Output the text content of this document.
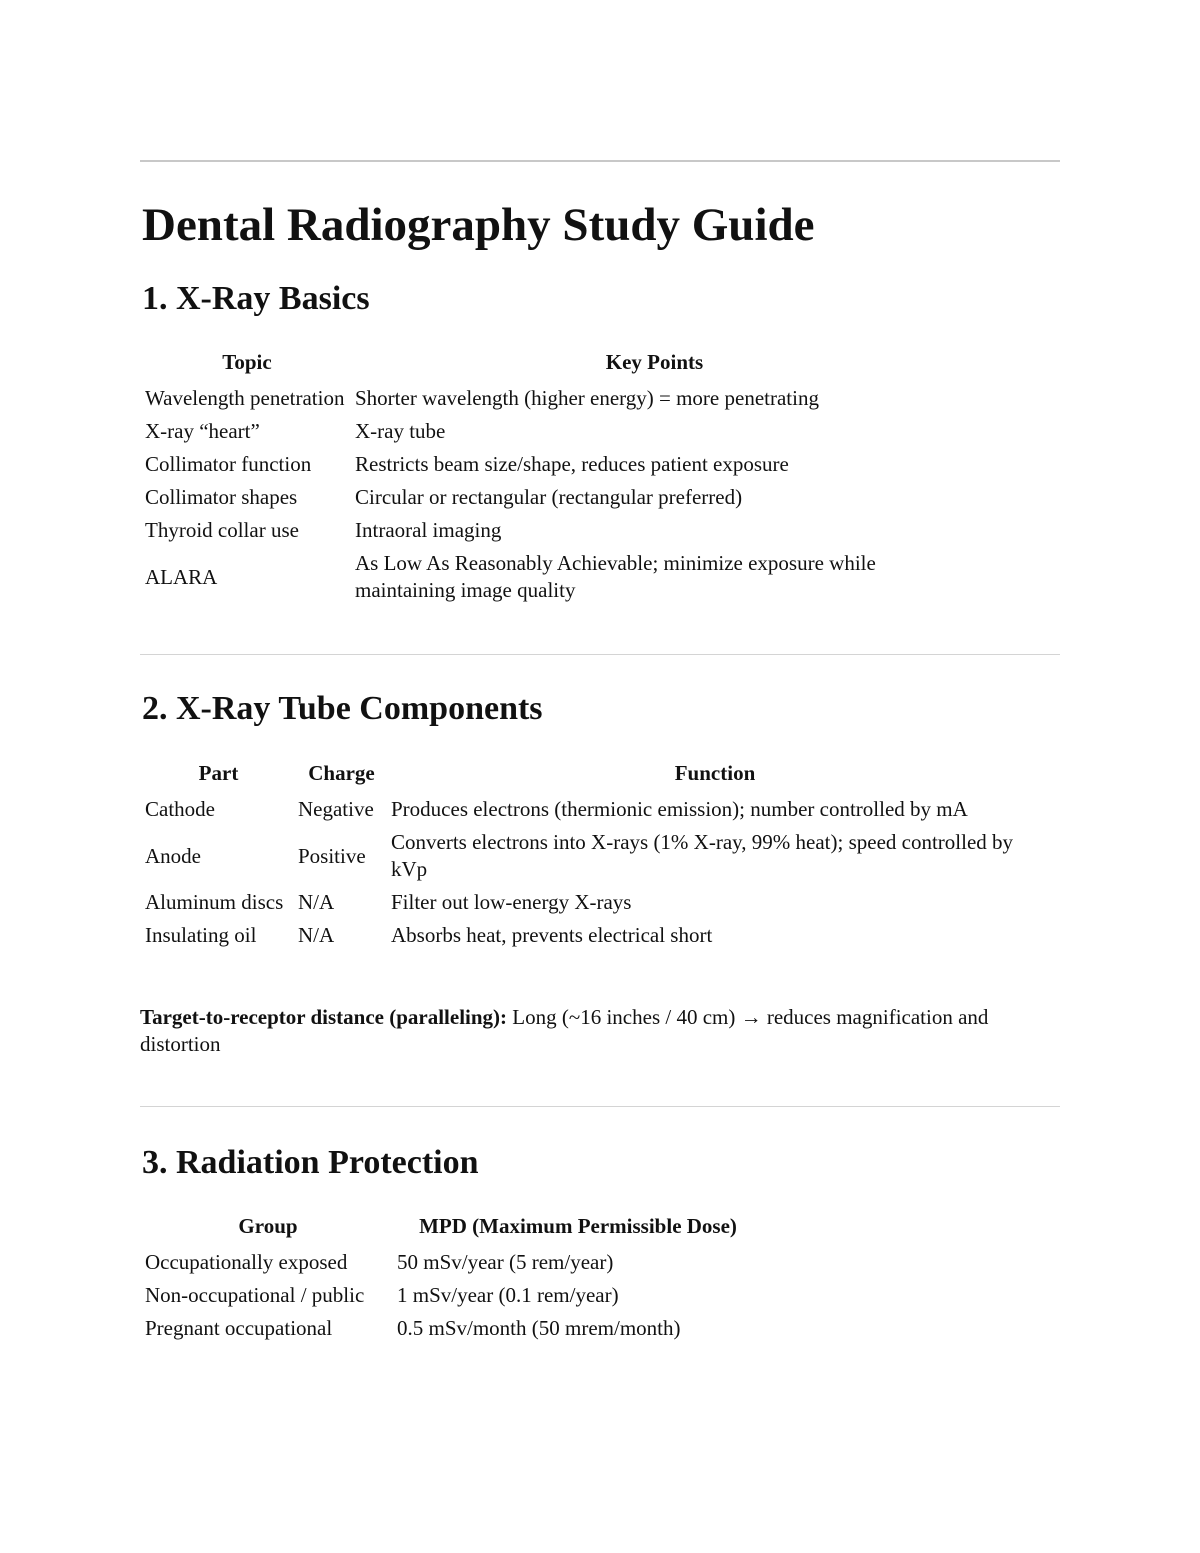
Dental Radiography Study Guide
1. X-Ray Basics
Topic	Key Points
Wavelength penetration	Shorter wavelength (higher energy) = more penetrating
X-ray “heart”	X-ray tube
Collimator function	Restricts beam size/shape, reduces patient exposure
Collimator shapes	Circular or rectangular (rectangular preferred)
Thyroid collar use	Intraoral imaging
ALARA	As Low As Reasonably Achievable; minimize exposure while maintaining image quality
2. X-Ray Tube Components
Part	Charge	Function
Cathode	Negative	Produces electrons (thermionic emission); number controlled by mA
Anode	Positive	Converts electrons into X-rays (1% X-ray, 99% heat); speed controlled by kVp
Aluminum discs	N/A	Filter out low-energy X-rays
Insulating oil	N/A	Absorbs heat, prevents electrical short

Target-to-receptor distance (paralleling): Long (~16 inches / 40 cm) → reduces magnification and distortion

3. Radiation Protection
Group	MPD (Maximum Permissible Dose)
Occupationally exposed	50 mSv/year (5 rem/year)
Non-occupational / public	1 mSv/year (0.1 rem/year)
Pregnant occupational	0.5 mSv/month (50 mrem/month)
